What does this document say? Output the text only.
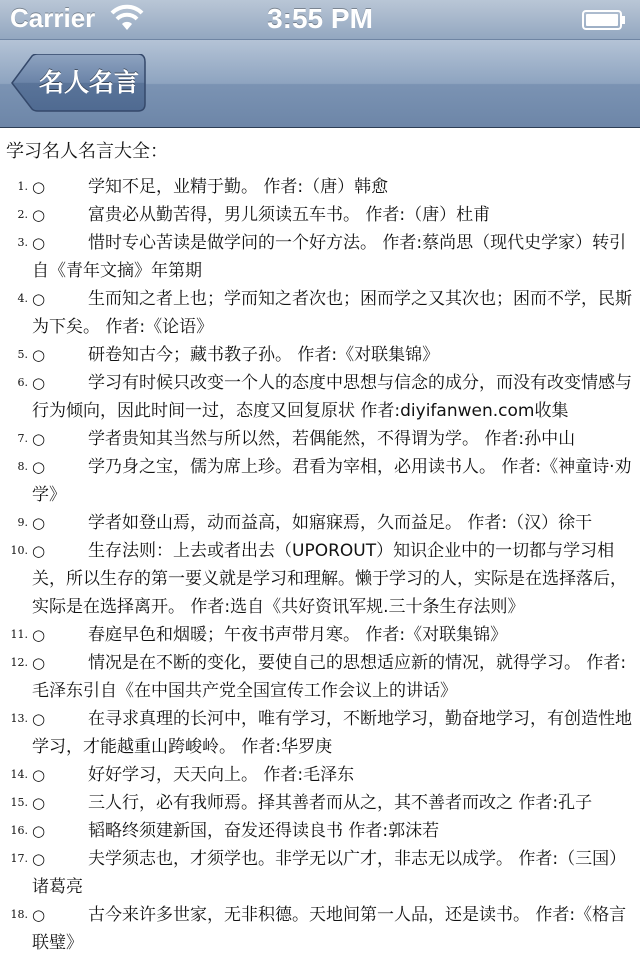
Carrier	3:55 PM
名人名言
学习名人名言大全：
1. ○	学知不足，业精于勤。 作者:（唐）韩愈
2. ○	富贵必从勤苦得，男儿须读五车书。 作者:（唐）杜甫
3. ○	惜时专心苦读是做学问的一个好方法。 作者:蔡尚思（现代史学家）转引自《青年文摘》年第期
4. ○	生而知之者上也；学而知之者次也；困而学之又其次也；困而不学，民斯为下矣。 作者:《论语》
5. ○	研卷知古今；藏书教子孙。 作者:《对联集锦》
6. ○	学习有时候只改变一个人的态度中思想与信念的成分，而没有改变情感与行为倾向，因此时间一过，态度又回复原状 作者:diyifanwen.com收集
7. ○	学者贵知其当然与所以然，若偶能然，不得谓为学。 作者:孙中山
8. ○	学乃身之宝，儒为席上珍。君看为宰相，必用读书人。 作者:《神童诗·劝学》
9. ○	学者如登山焉，动而益高，如寤寐焉，久而益足。 作者:（汉）徐干
10. ○	生存法则：上去或者出去（UPOROUT）知识企业中的一切都与学习相关，所以生存的第一要义就是学习和理解。懒于学习的人，实际是在选择落后，实际是在选择离开。 作者:选自《共好资讯军规.三十条生存法则》
11. ○	春庭早色和烟暖；午夜书声带月寒。 作者:《对联集锦》
12. ○	情况是在不断的变化，要使自己的思想适应新的情况，就得学习。 作者:毛泽东引自《在中国共产党全国宣传工作会议上的讲话》
13. ○	在寻求真理的长河中，唯有学习，不断地学习，勤奋地学习，有创造性地学习，才能越重山跨峻岭。 作者:华罗庚
14. ○	好好学习，天天向上。 作者:毛泽东
15. ○	三人行，必有我师焉。择其善者而从之，其不善者而改之 作者:孔子
16. ○	韬略终须建新国，奋发还得读良书 作者:郭沫若
17. ○	夫学须志也，才须学也。非学无以广才，非志无以成学。 作者:（三国）诸葛亮
18. ○	古今来许多世家，无非积德。天地间第一人品，还是读书。 作者:《格言联璧》
